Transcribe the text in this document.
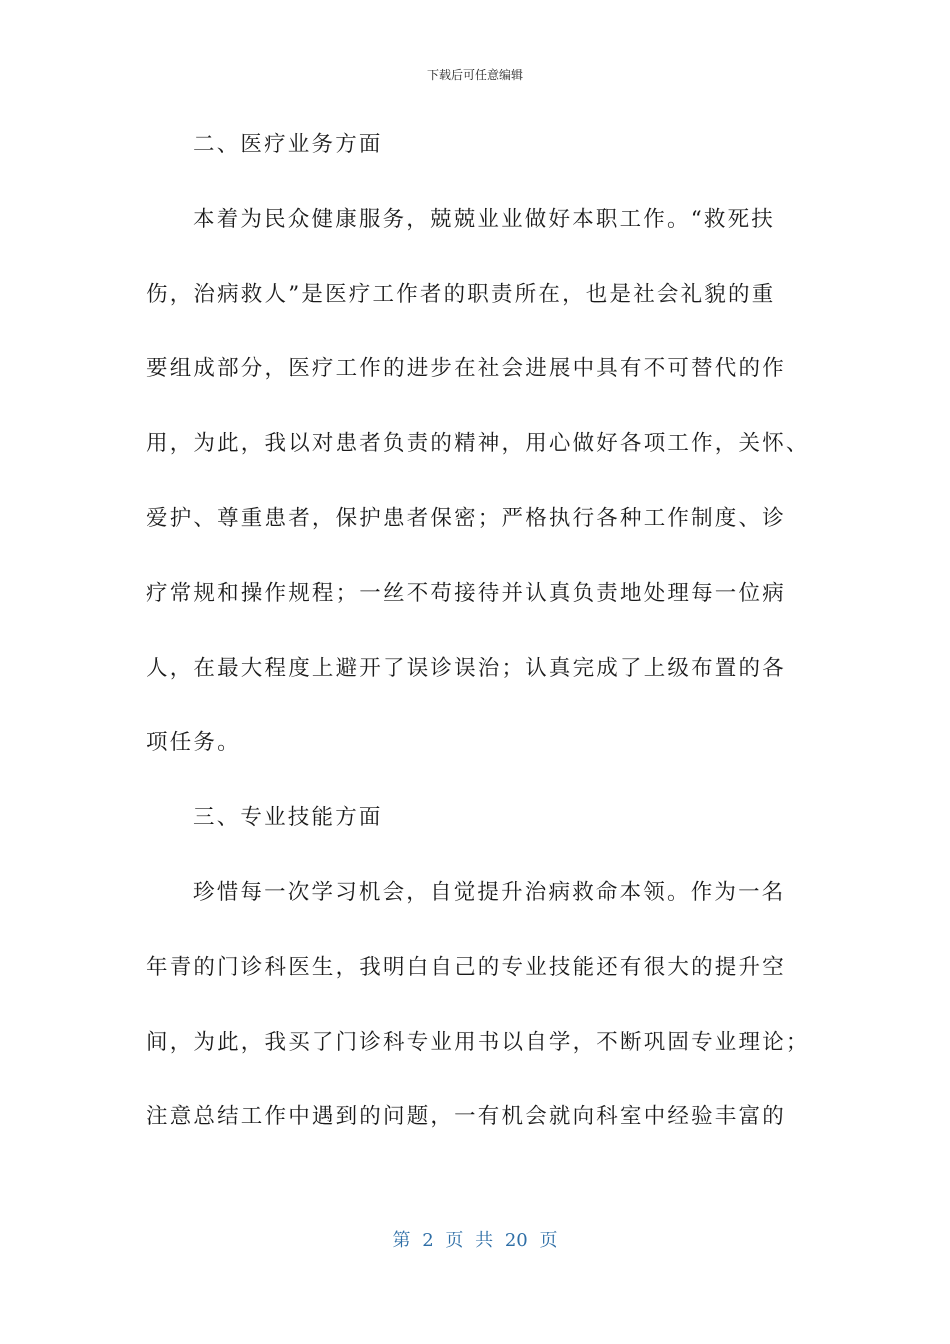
下载后可任意编辑
二、医疗业务方面
本着为民众健康服务，兢兢业业做好本职工作。“救死扶
伤，治病救人”是医疗工作者的职责所在，也是社会礼貌的重
要组成部分，医疗工作的进步在社会进展中具有不可替代的作
用，为此，我以对患者负责的精神，用心做好各项工作，关怀、
爱护、尊重患者，保护患者保密；严格执行各种工作制度、诊
疗常规和操作规程；一丝不苟接待并认真负责地处理每一位病
人，在最大程度上避开了误诊误治；认真完成了上级布置的各
项任务。
三、专业技能方面
珍惜每一次学习机会，自觉提升治病救命本领。作为一名
年青的门诊科医生，我明白自己的专业技能还有很大的提升空
间，为此，我买了门诊科专业用书以自学，不断巩固专业理论；
注意总结工作中遇到的问题，一有机会就向科室中经验丰富的
第 2 页 共 20 页
